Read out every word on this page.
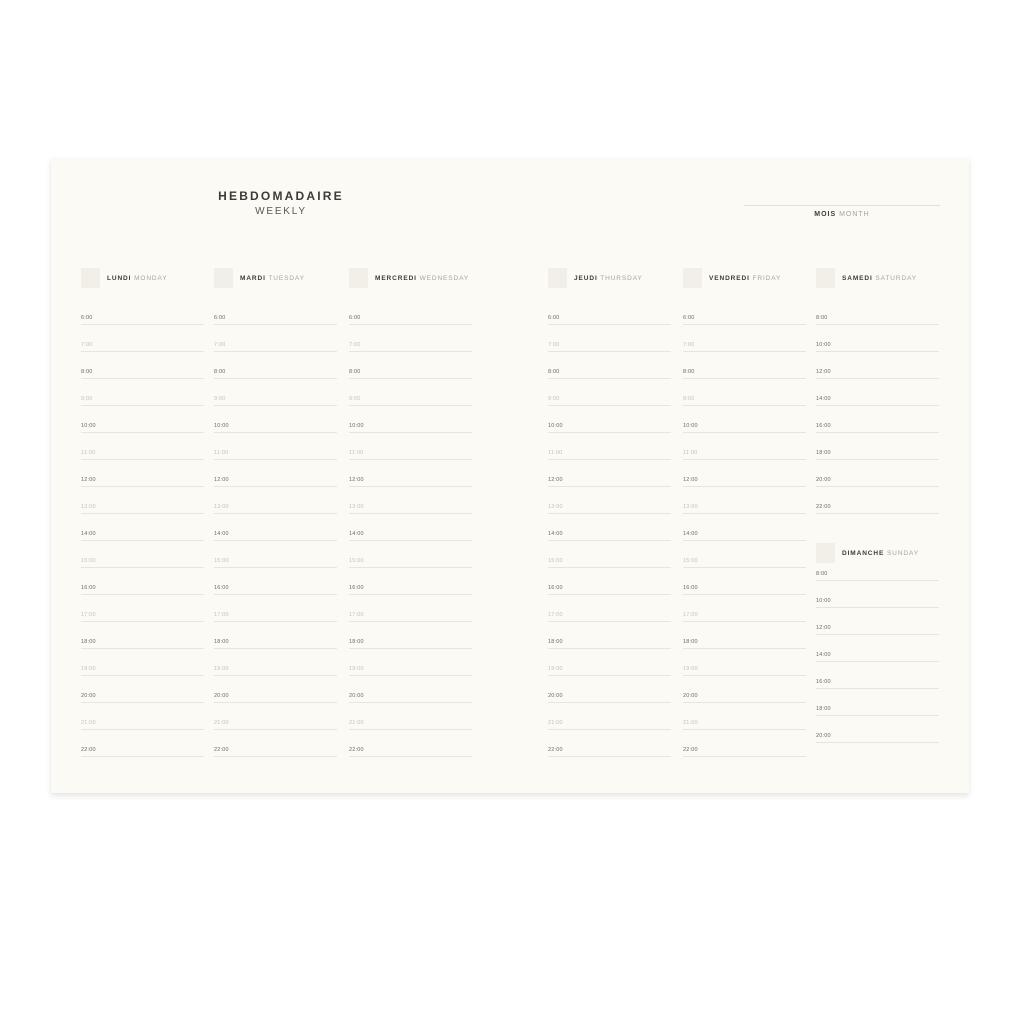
HEBDOMADAIRE
WEEKLY	MOIS MONTH
LUNDI MONDAY
6:00
7:00
8:00
9:00
10:00
11:00
12:00
13:00
14:00
15:00
16:00
17:00
18:00
19:00
20:00
21:00
22:00
MARDI TUESDAY
6:00
7:00
8:00
9:00
10:00
11:00
12:00
13:00
14:00
15:00
16:00
17:00
18:00
19:00
20:00
21:00
22:00
MERCREDI WEDNESDAY
6:00
7:00
8:00
9:00
10:00
11:00
12:00
13:00
14:00
15:00
16:00
17:00
18:00
19:00
20:00
21:00
22:00
JEUDI THURSDAY
6:00
7:00
8:00
9:00
10:00
11:00
12:00
13:00
14:00
15:00
16:00
17:00
18:00
19:00
20:00
21:00
22:00
VENDREDI FRIDAY
6:00
7:00
8:00
9:00
10:00
11:00
12:00
13:00
14:00
15:00
16:00
17:00
18:00
19:00
20:00
21:00
22:00
SAMEDI SATURDAY
8:00
10:00
12:00
14:00
16:00
18:00
20:00
22:00
DIMANCHE SUNDAY
8:00
10:00
12:00
14:00
16:00
18:00
20:00
